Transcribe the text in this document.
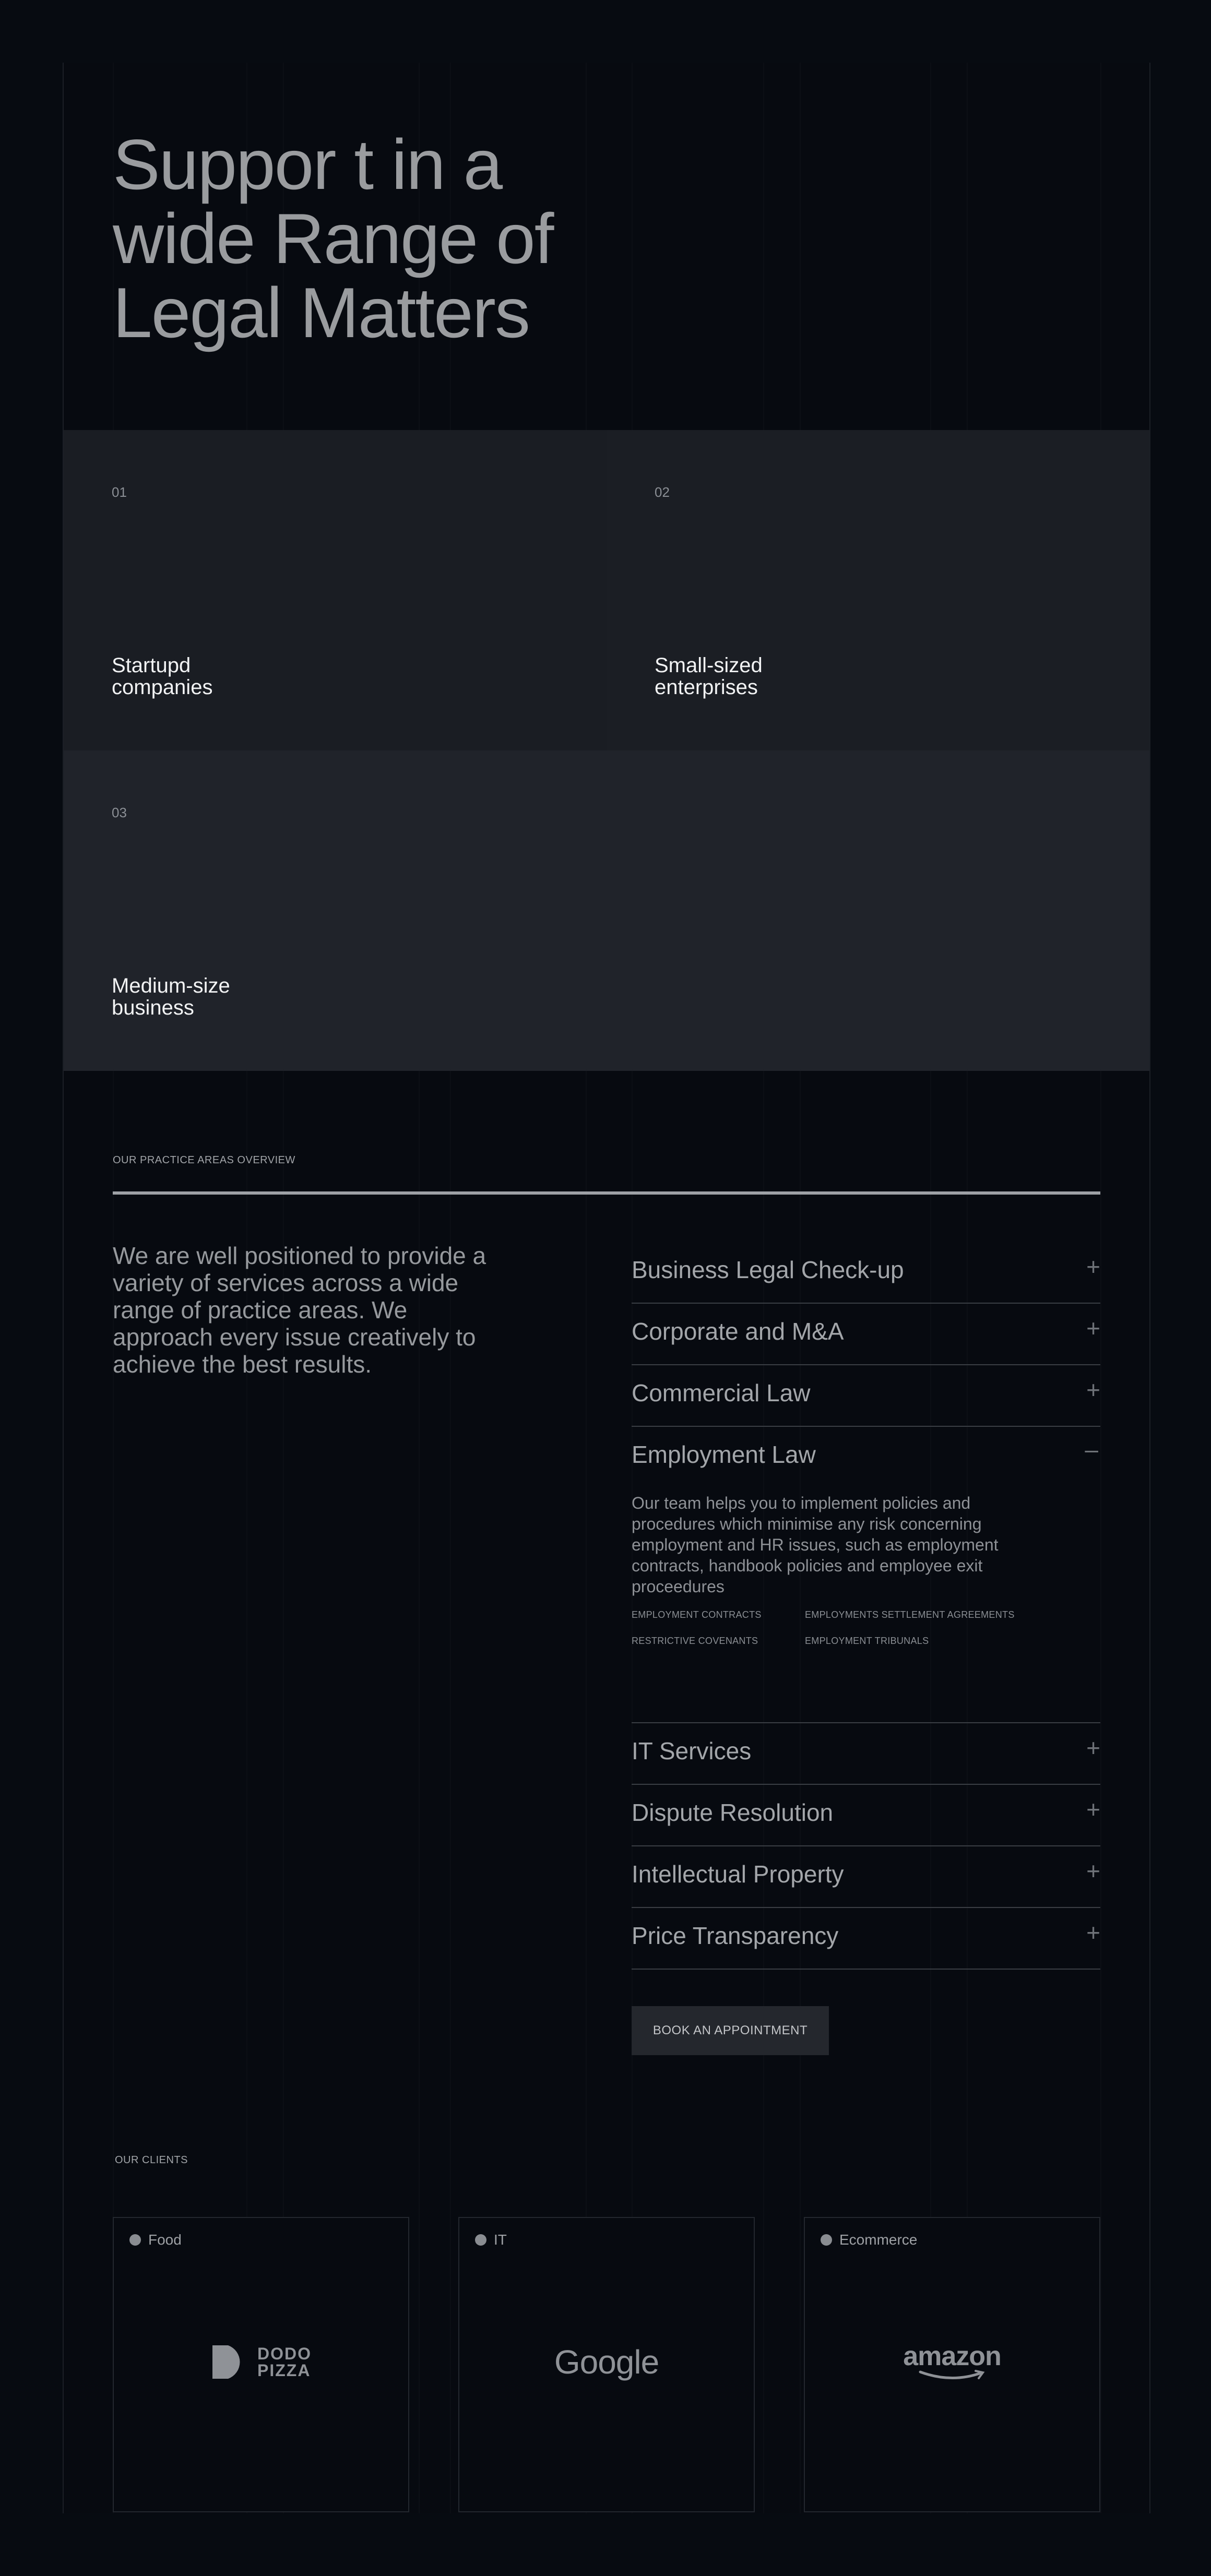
Suppor t in a
wide Range of
Legal Matters
01
Startupd
companies
02
Small-sized
enterprises
03
Medium-size
business
OUR PRACTICE AREAS OVERVIEW

We are well positioned to provide a variety of services across a wide range of practice areas. We approach every issue creatively to achieve the best results.

Business Legal Check-up	+
Corporate and M&A	+
Commercial Law	+
Employment Law	–

Our team helps you to implement policies and procedures which minimise any risk concerning employment and HR issues, such as employment contracts, handbook policies and employee exit proceedures

EMPLOYMENT CONTRACTS	EMPLOYMENTS SETTLEMENT AGREEMENTS
RESTRICTIVE COVENANTS	EMPLOYMENT TRIBUNALS
IT Services	+
Dispute Resolution	+
Intellectual Property	+
Price Transparency	+
BOOK AN APPOINTMENT
OUR CLIENTS
Food
DODO
PIZZA
IT
Google
Ecommerce
amazon
